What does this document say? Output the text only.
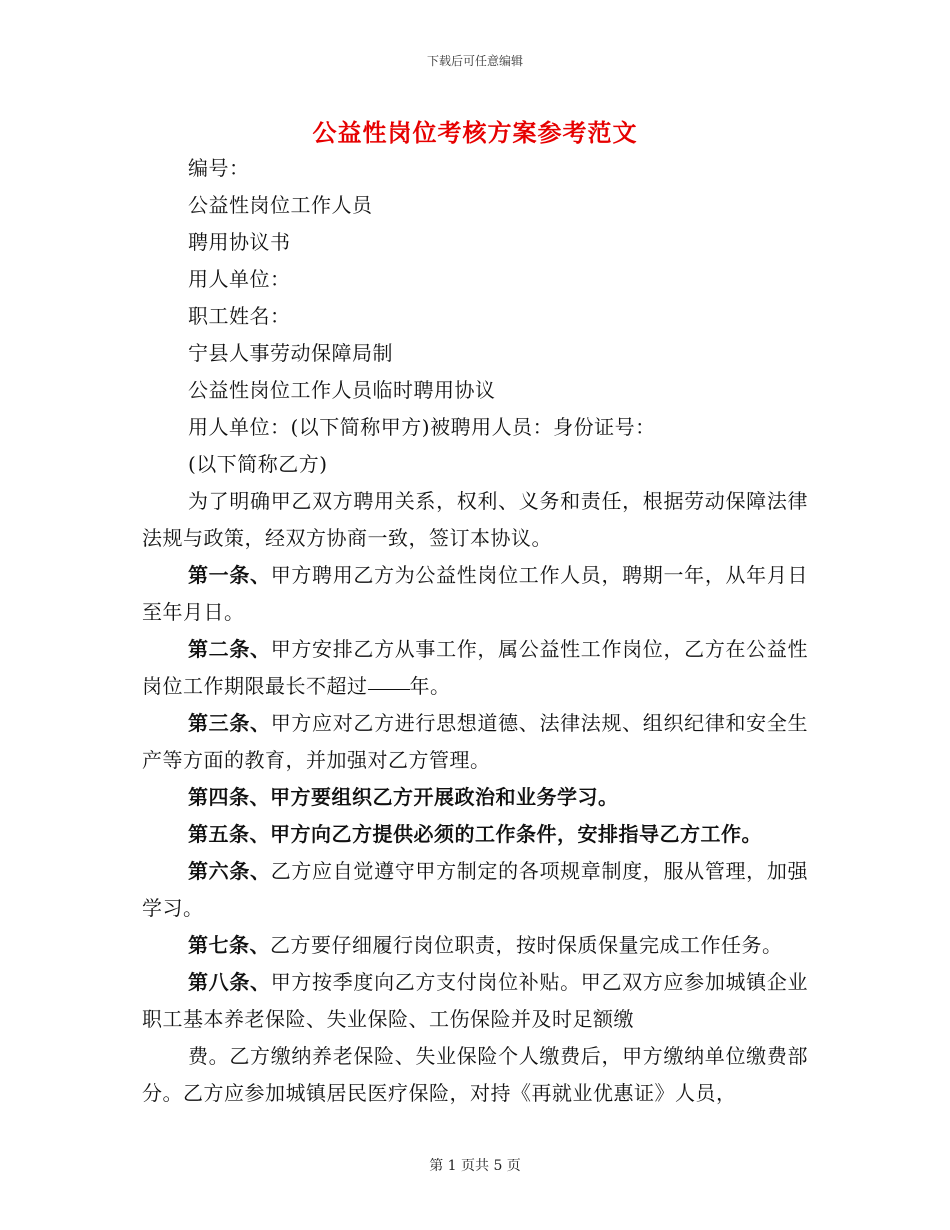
下载后可任意编辑
公益性岗位考核方案参考范文

编号：

公益性岗位工作人员

聘用协议书

用人单位：

职工姓名：

宁县人事劳动保障局制

公益性岗位工作人员临时聘用协议

用人单位：(以下简称甲方)被聘用人员：身份证号：

(以下简称乙方)

为了明确甲乙双方聘用关系，权利、义务和责任，根据劳动保障法律法规与政策，经双方协商一致，签订本协议。

第一条、甲方聘用乙方为公益性岗位工作人员，聘期一年，从年月日至年月日。

第二条、甲方安排乙方从事工作，属公益性工作岗位，乙方在公益性岗位工作期限最长不超过 年。

第三条、甲方应对乙方进行思想道德、法律法规、组织纪律和安全生产等方面的教育，并加强对乙方管理。

第四条、甲方要组织乙方开展政治和业务学习。

第五条、甲方向乙方提供必须的工作条件，安排指导乙方工作。

第六条、乙方应自觉遵守甲方制定的各项规章制度，服从管理，加强学习。

第七条、乙方要仔细履行岗位职责，按时保质保量完成工作任务。

第八条、甲方按季度向乙方支付岗位补贴。甲乙双方应参加城镇企业职工基本养老保险、失业保险、工伤保险并及时足额缴

费。乙方缴纳养老保险、失业保险个人缴费后，甲方缴纳单位缴费部分。乙方应参加城镇居民医疗保险，对持《再就业优惠证》人员，

第 1 页共 5 页
